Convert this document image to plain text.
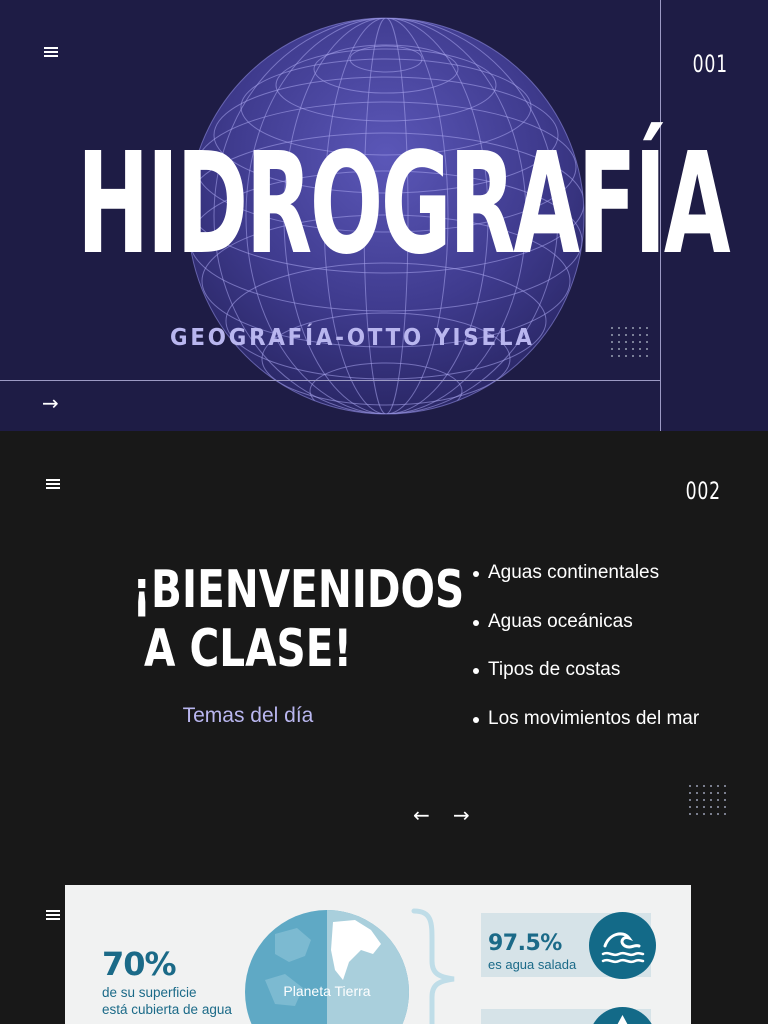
001
HIDROGRAFÍA
GEOGRAFÍA-OTTO YISELA
→
002
¡BIENVENIDOS
A CLASE!
Temas del día
Aguas continentales
Aguas oceánicas
Tipos de costas
Los movimientos del mar
← →
70%
de su superficie
está cubierta de agua
Planeta Tierra
97.5%
es agua salada
